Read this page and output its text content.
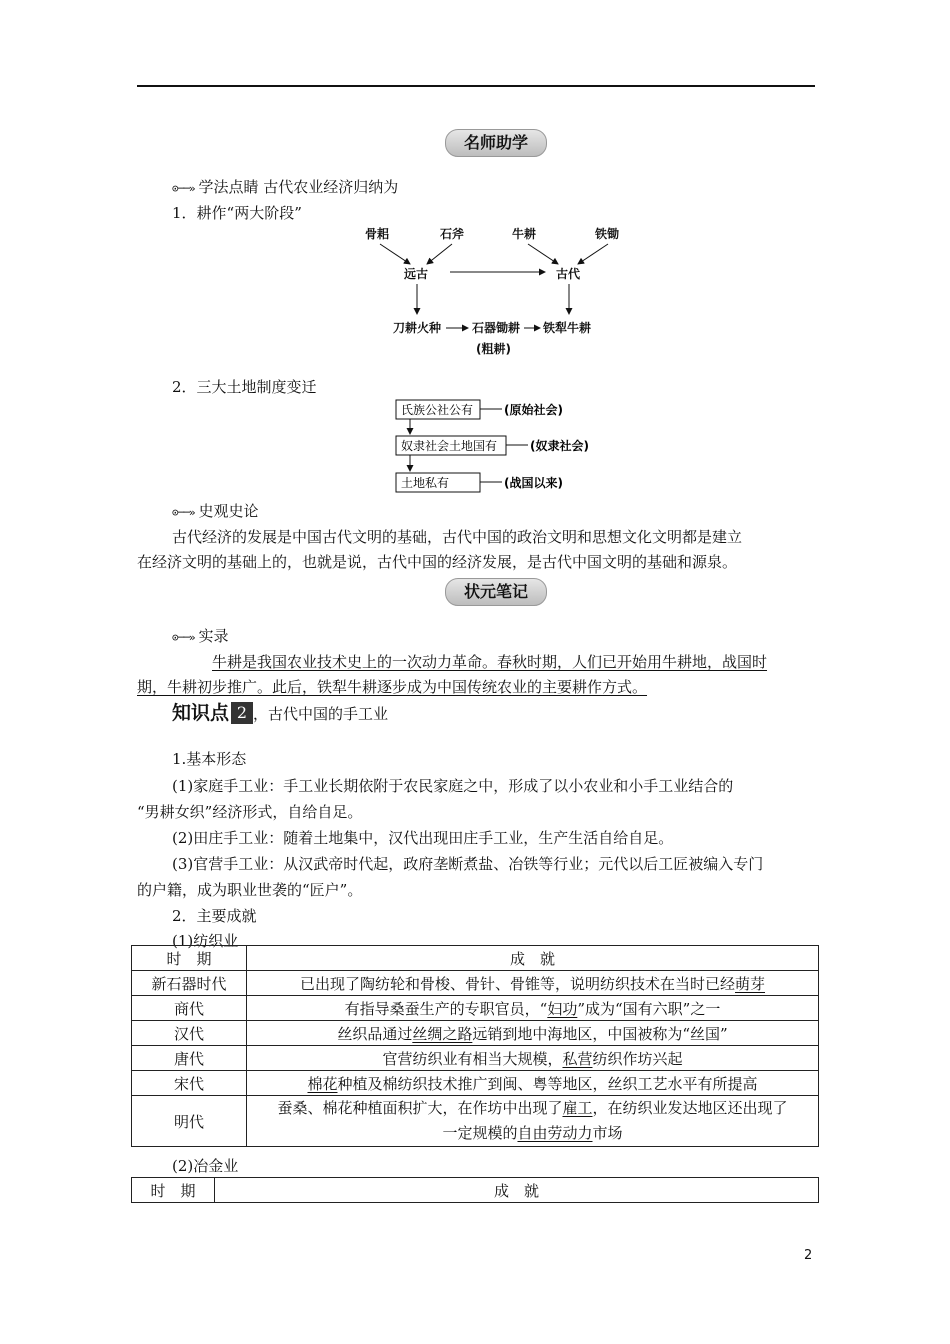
名师助学
⊙──» 学法点睛 古代农业经济归纳为
1．耕作“两大阶段”
骨耜	石斧	牛耕	铁锄
远古	古代
刀耕火种	石器锄耕 铁犁牛耕
(粗耕)
2．三大土地制度变迁
氏族公社公有
奴隶社会土地国有
土地私有
(原始社会)
(奴隶社会)
(战国以来)
⊙──» 史观史论
古代经济的发展是中国古代文明的基础，古代中国的政治文明和思想文化文明都是建立
在经济文明的基础上的，也就是说，古代中国的经济发展，是古代中国文明的基础和源泉。
状元笔记
⊙──» 实录
牛耕是我国农业技术史上的一次动力革命。春秋时期，人们已开始用牛耕地，战国时
期，牛耕初步推广。此后，铁犁牛耕逐步成为中国传统农业的主要耕作方式。
知识点 2 ，古代中国的手工业
1.基本形态
(1)家庭手工业：手工业长期依附于农民家庭之中，形成了以小农业和小手工业结合的
“男耕女织”经济形式，自给自足。
(2)田庄手工业：随着土地集中，汉代出现田庄手工业，生产生活自给自足。
(3)官营手工业：从汉武帝时代起，政府垄断煮盐、冶铁等行业；元代以后工匠被编入专门
的户籍，成为职业世袭的“匠户”。
2．主要成就
(1)纺织业
时　期	成　就
新石器时代	已出现了陶纺轮和骨梭、骨针、骨锥等，说明纺织技术在当时已经萌芽
商代	有指导桑蚕生产的专职官员，“妇功”成为“国有六职”之一
汉代	丝织品通过丝绸之路远销到地中海地区，中国被称为“丝国”
唐代	官营纺织业有相当大规模，私营纺织作坊兴起
宋代	棉花种植及棉纺织技术推广到闽、粤等地区，丝织工艺水平有所提高
明代	蚕桑、棉花种植面积扩大，在作坊中出现了雇工，在纺织业发达地区还出现了
一定规模的自由劳动力市场
(2)冶金业
时　期	成　就
2
